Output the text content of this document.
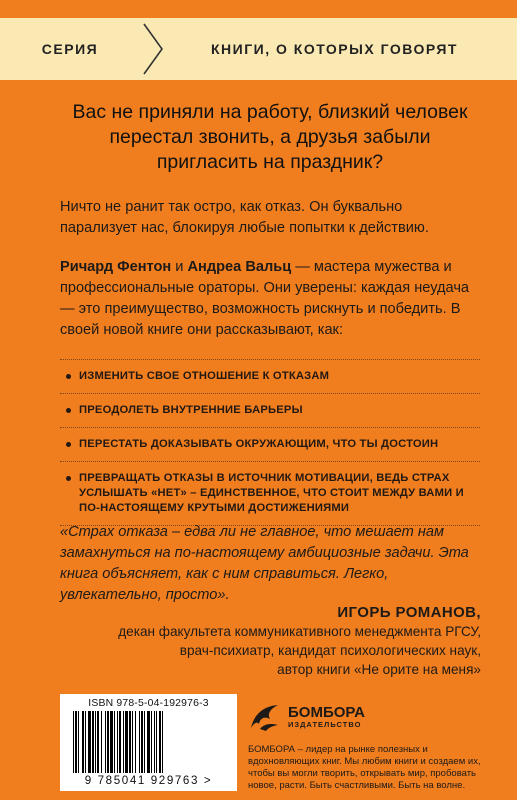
СЕРИЯ	КНИГИ, О КОТОРЫХ ГОВОРЯТ
Вас не приняли на работу, близкий человек перестал звонить, а друзья забыли пригласить на праздник?

Ничто не ранит так остро, как отказ. Он буквально парализует нас, блокируя любые попытки к действию.

Ричард Фентон и Андреа Вальц — мастера мужества и профессиональные ораторы. Они уверены: каждая неудача — это преимущество, возможность рискнуть и победить. В своей новой книге они рассказывают, как:

ИЗМЕНИТЬ СВОЕ ОТНОШЕНИЕ К ОТКАЗАМ
ПРЕОДОЛЕТЬ ВНУТРЕННИЕ БАРЬЕРЫ
ПЕРЕСТАТЬ ДОКАЗЫВАТЬ ОКРУЖАЮЩИМ, ЧТО ТЫ ДОСТОИН
ПРЕВРАЩАТЬ ОТКАЗЫ В ИСТОЧНИК МОТИВАЦИИ, ВЕДЬ СТРАХ УСЛЫШАТЬ «НЕТ» – ЕДИНСТВЕННОЕ, ЧТО СТОИТ МЕЖДУ ВАМИ И ПО-НАСТОЯЩЕМУ КРУТЫМИ ДОСТИЖЕНИЯМИ
«Страх отказа – едва ли не главное, что мешает нам замахнуться на по-настоящему амбициозные задачи. Эта книга объясняет, как с ним справиться. Легко, увлекательно, просто».
ИГОРЬ РОМАНОВ,
декан факультета коммуникативного менеджмента РГСУ,
врач-психиатр, кандидат психологических наук,
автор книги «Не орите на меня»
ISBN 978-5-04-192976-3
9 785041 929763 >
БОМБОРА
ИЗДАТЕЛЬСТВО
БОМБОРА – лидер на рынке полезных и вдохновляющих книг. Мы любим книги и создаем их, чтобы вы могли творить, открывать мир, пробовать новое, расти. Быть счастливыми. Быть на волне.
